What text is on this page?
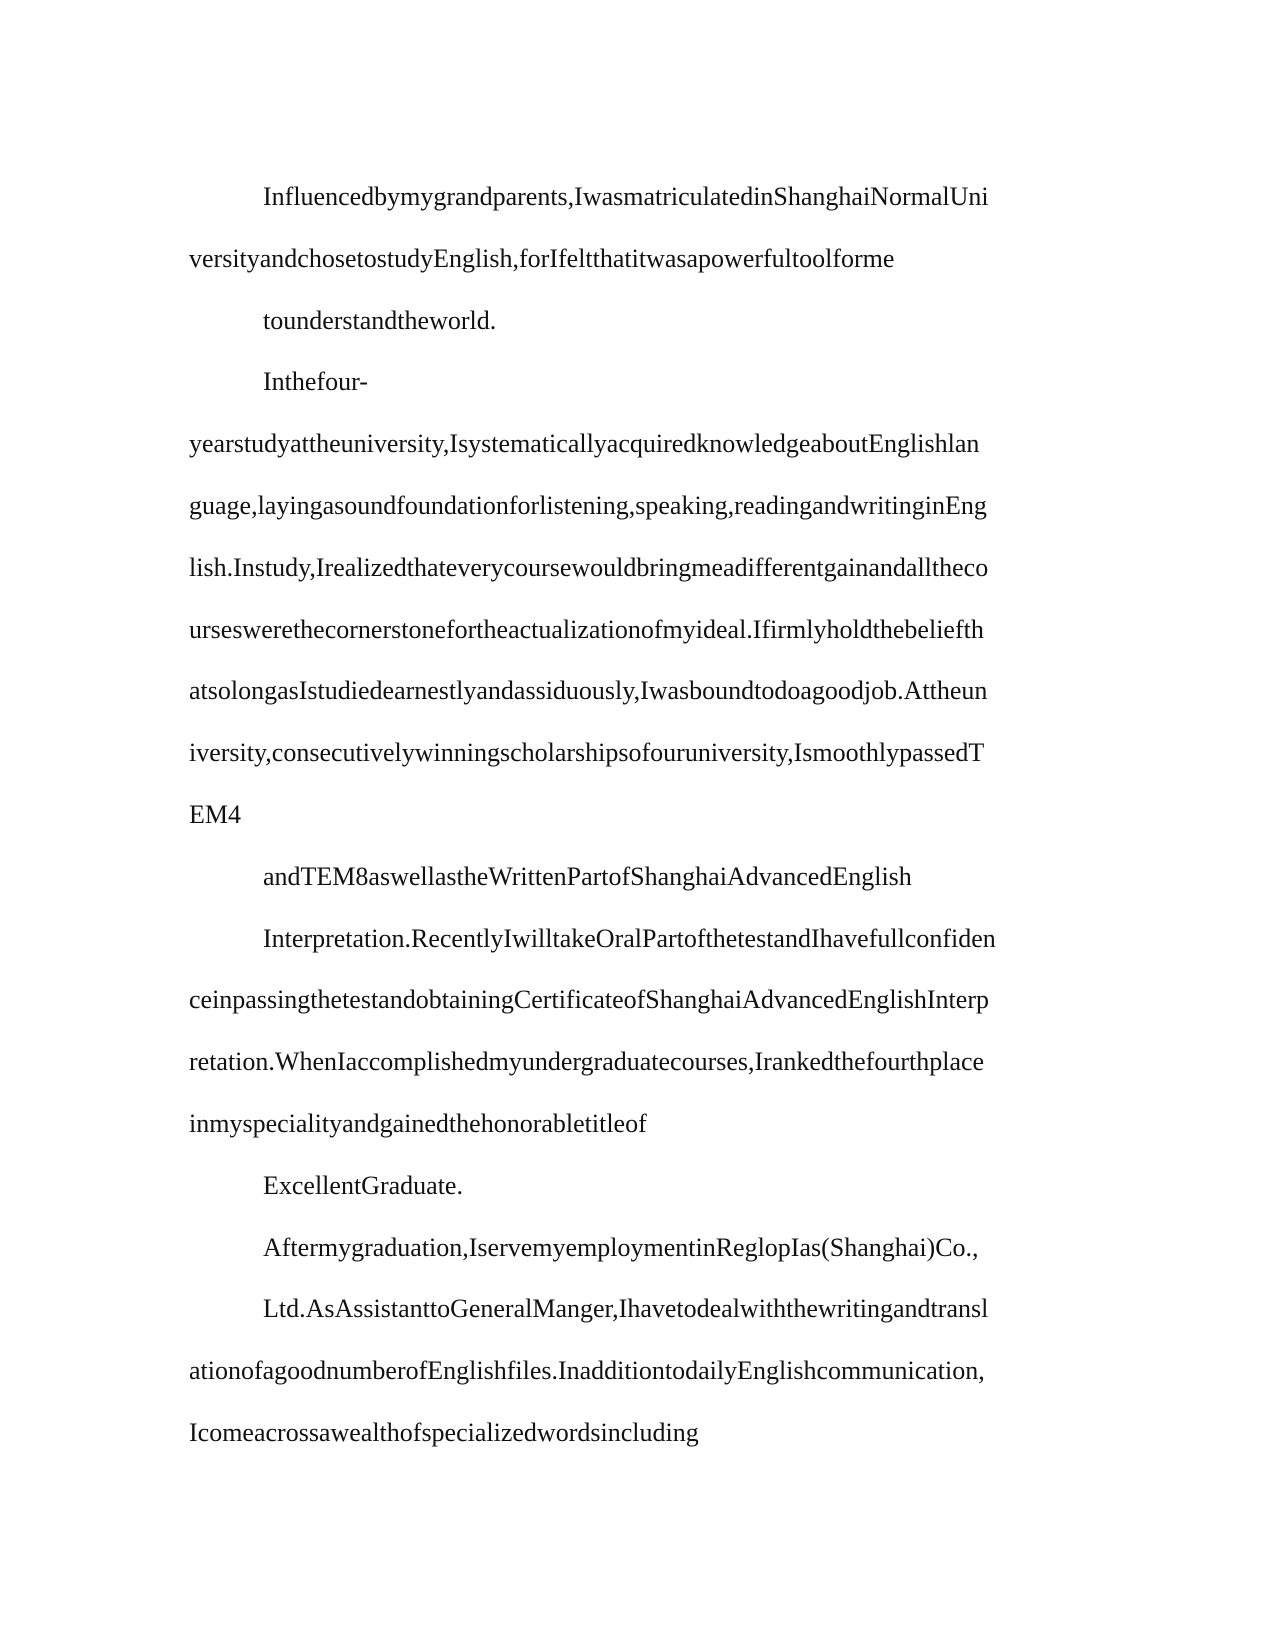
Influencedbymygrandparents,IwasmatriculatedinShanghaiNormalUni
versityandchosetostudyEnglish,forIfeltthatitwasapowerfultoolforme
tounderstandtheworld.
Inthefour-
yearstudyattheuniversity,IsystematicallyacquiredknowledgeaboutEnglishlan
guage,layingasoundfoundationforlistening,speaking,readingandwritinginEng
lish.Instudy,Irealizedthateverycoursewouldbringmeadifferentgainandalltheco
urseswerethecornerstonefortheactualizationofmyideal.Ifirmlyholdthebeliefth
atsolongasIstudiedearnestlyandassiduously,Iwasboundtodoagoodjob.Attheun
iversity,consecutivelywinningscholarshipsofouruniversity,IsmoothlypassedT
EM4
andTEM8aswellastheWrittenPartofShanghaiAdvancedEnglish
Interpretation.RecentlyIwilltakeOralPartofthetestandIhavefullconfiden
ceinpassingthetestandobtainingCertificateofShanghaiAdvancedEnglishInterp
retation.WhenIaccomplishedmyundergraduatecourses,Irankedthefourthplace
inmyspecialityandgainedthehonorabletitleof
ExcellentGraduate.
Aftermygraduation,IservemyemploymentinReglopIas(Shanghai)Co.,
Ltd.AsAssistanttoGeneralManger,Ihavetodealwiththewritingandtransl
ationofagoodnumberofEnglishfiles.InadditiontodailyEnglishcommunication,
Icomeacrossawealthofspecializedwordsincluding
